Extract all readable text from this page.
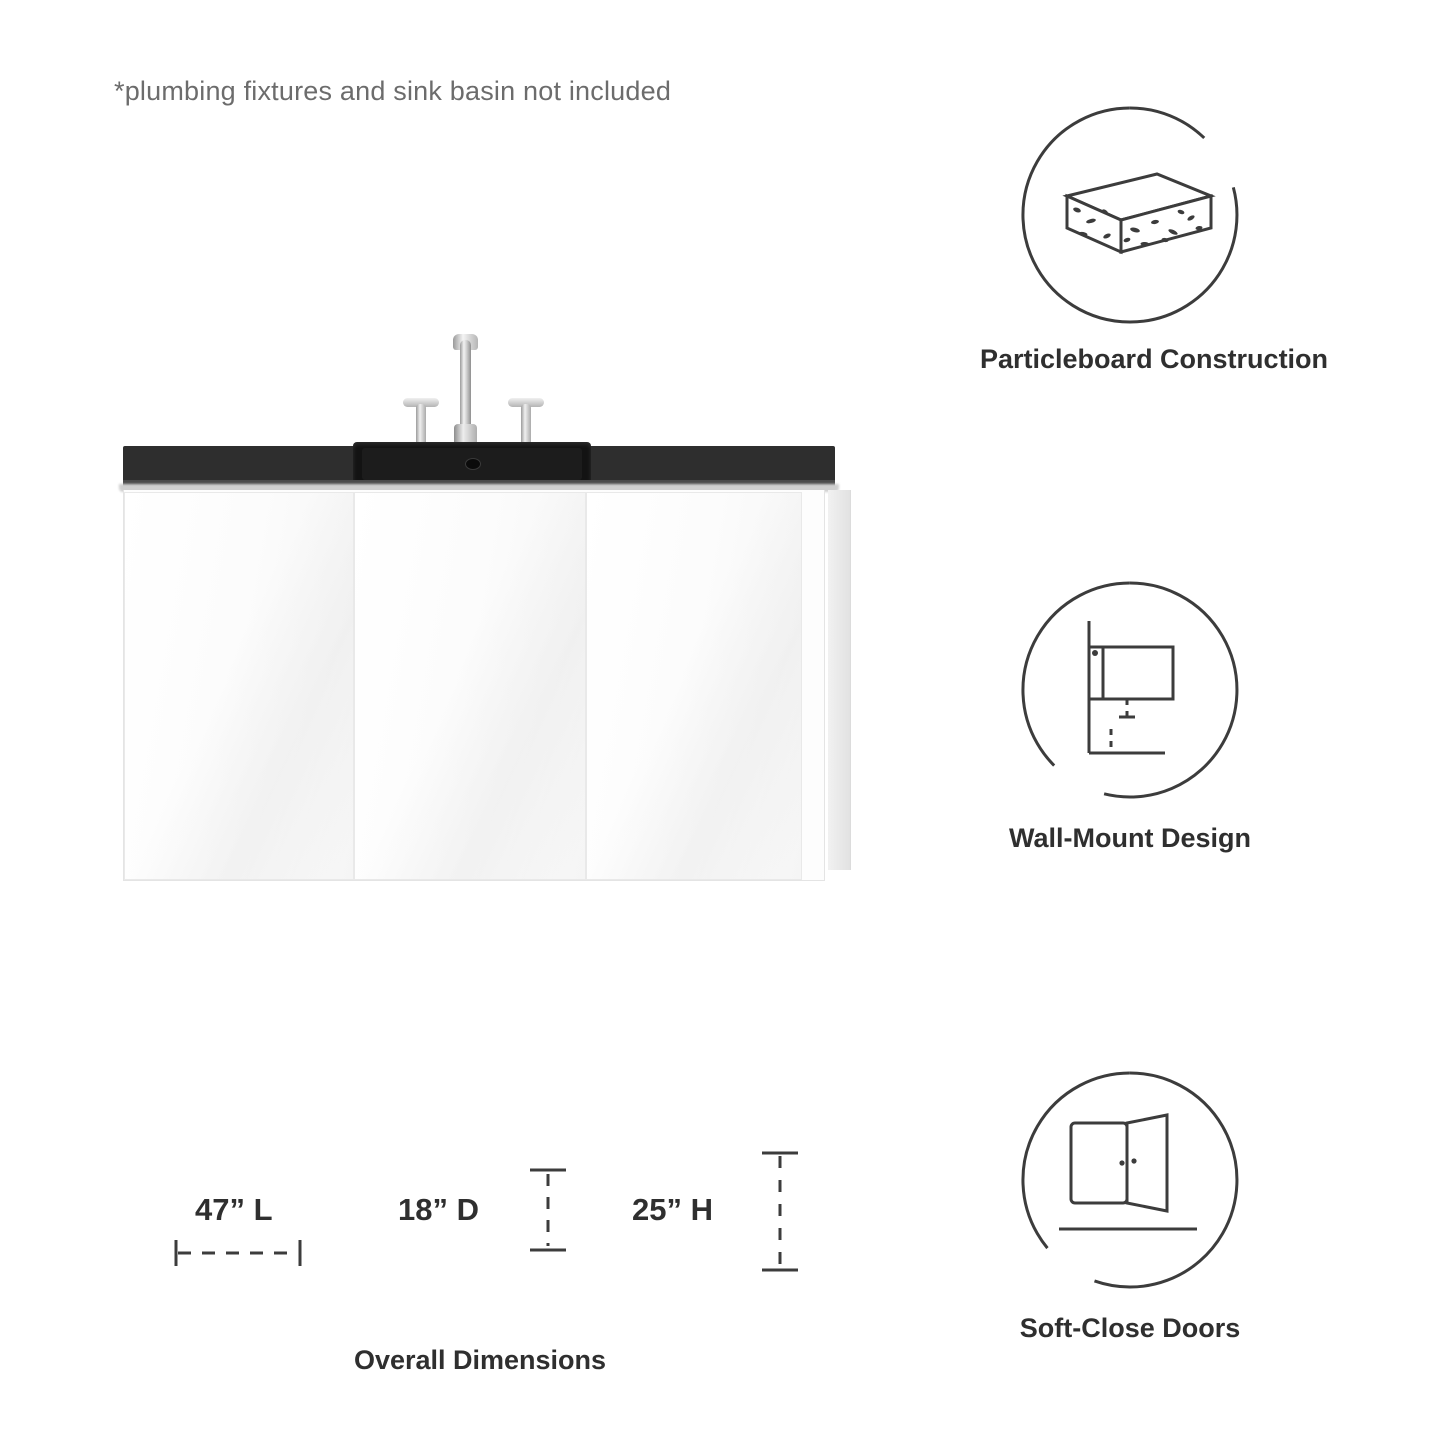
*plumbing fixtures and sink basin not included
47” L	18” D	25” H
Overall Dimensions
Particleboard Construction
Wall-Mount Design
Soft-Close Doors
